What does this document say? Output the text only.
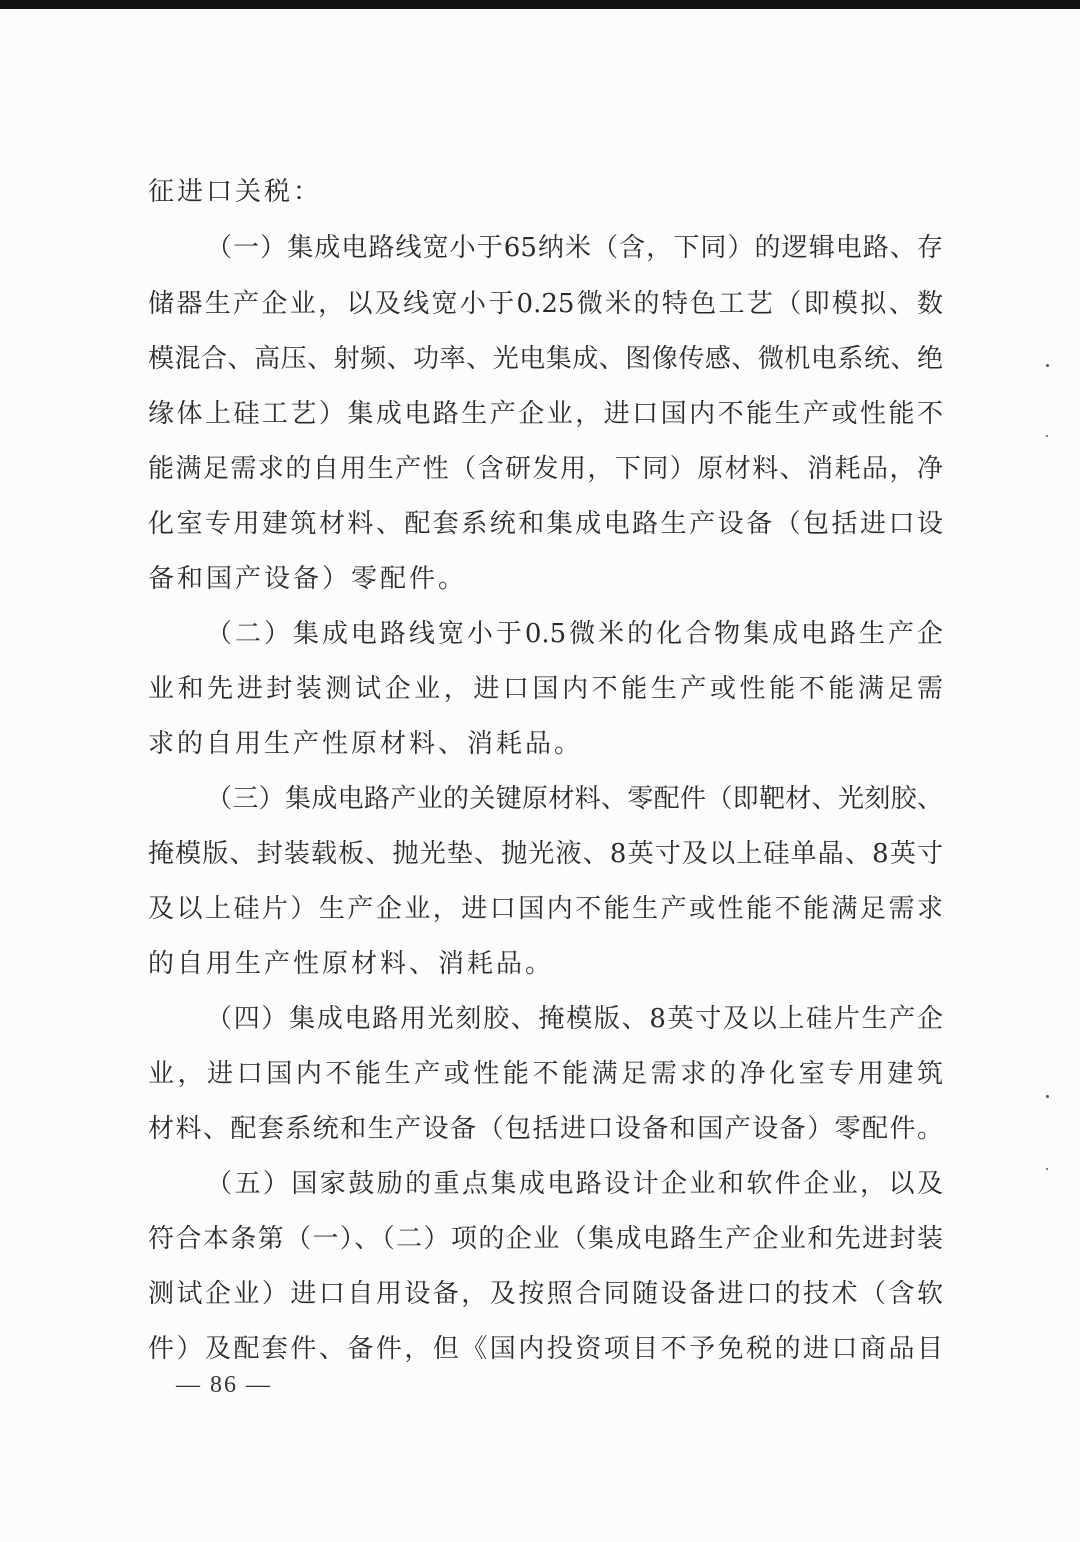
征进口关税：
（一）集成电路线宽小于65纳米（含，下同）的逻辑电路、存
储器生产企业，以及线宽小于0.25微米的特色工艺（即模拟、数
模混合、高压、射频、功率、光电集成、图像传感、微机电系统、绝
缘体上硅工艺）集成电路生产企业，进口国内不能生产或性能不
能满足需求的自用生产性（含研发用，下同）原材料、消耗品，净
化室专用建筑材料、配套系统和集成电路生产设备（包括进口设
备和国产设备）零配件。
（二）集成电路线宽小于0.5微米的化合物集成电路生产企
业和先进封装测试企业，进口国内不能生产或性能不能满足需
求的自用生产性原材料、消耗品。
（三）集成电路产业的关键原材料、零配件（即靶材、光刻胶、
掩模版、封装载板、抛光垫、抛光液、8英寸及以上硅单晶、8英寸
及以上硅片）生产企业，进口国内不能生产或性能不能满足需求
的自用生产性原材料、消耗品。
（四）集成电路用光刻胶、掩模版、8英寸及以上硅片生产企
业，进口国内不能生产或性能不能满足需求的净化室专用建筑
材料、配套系统和生产设备（包括进口设备和国产设备）零配件。
（五）国家鼓励的重点集成电路设计企业和软件企业，以及
符合本条第（一）、（二）项的企业（集成电路生产企业和先进封装
测试企业）进口自用设备，及按照合同随设备进口的技术（含软
件）及配套件、备件，但《国内投资项目不予免税的进口商品目
— 86 —
